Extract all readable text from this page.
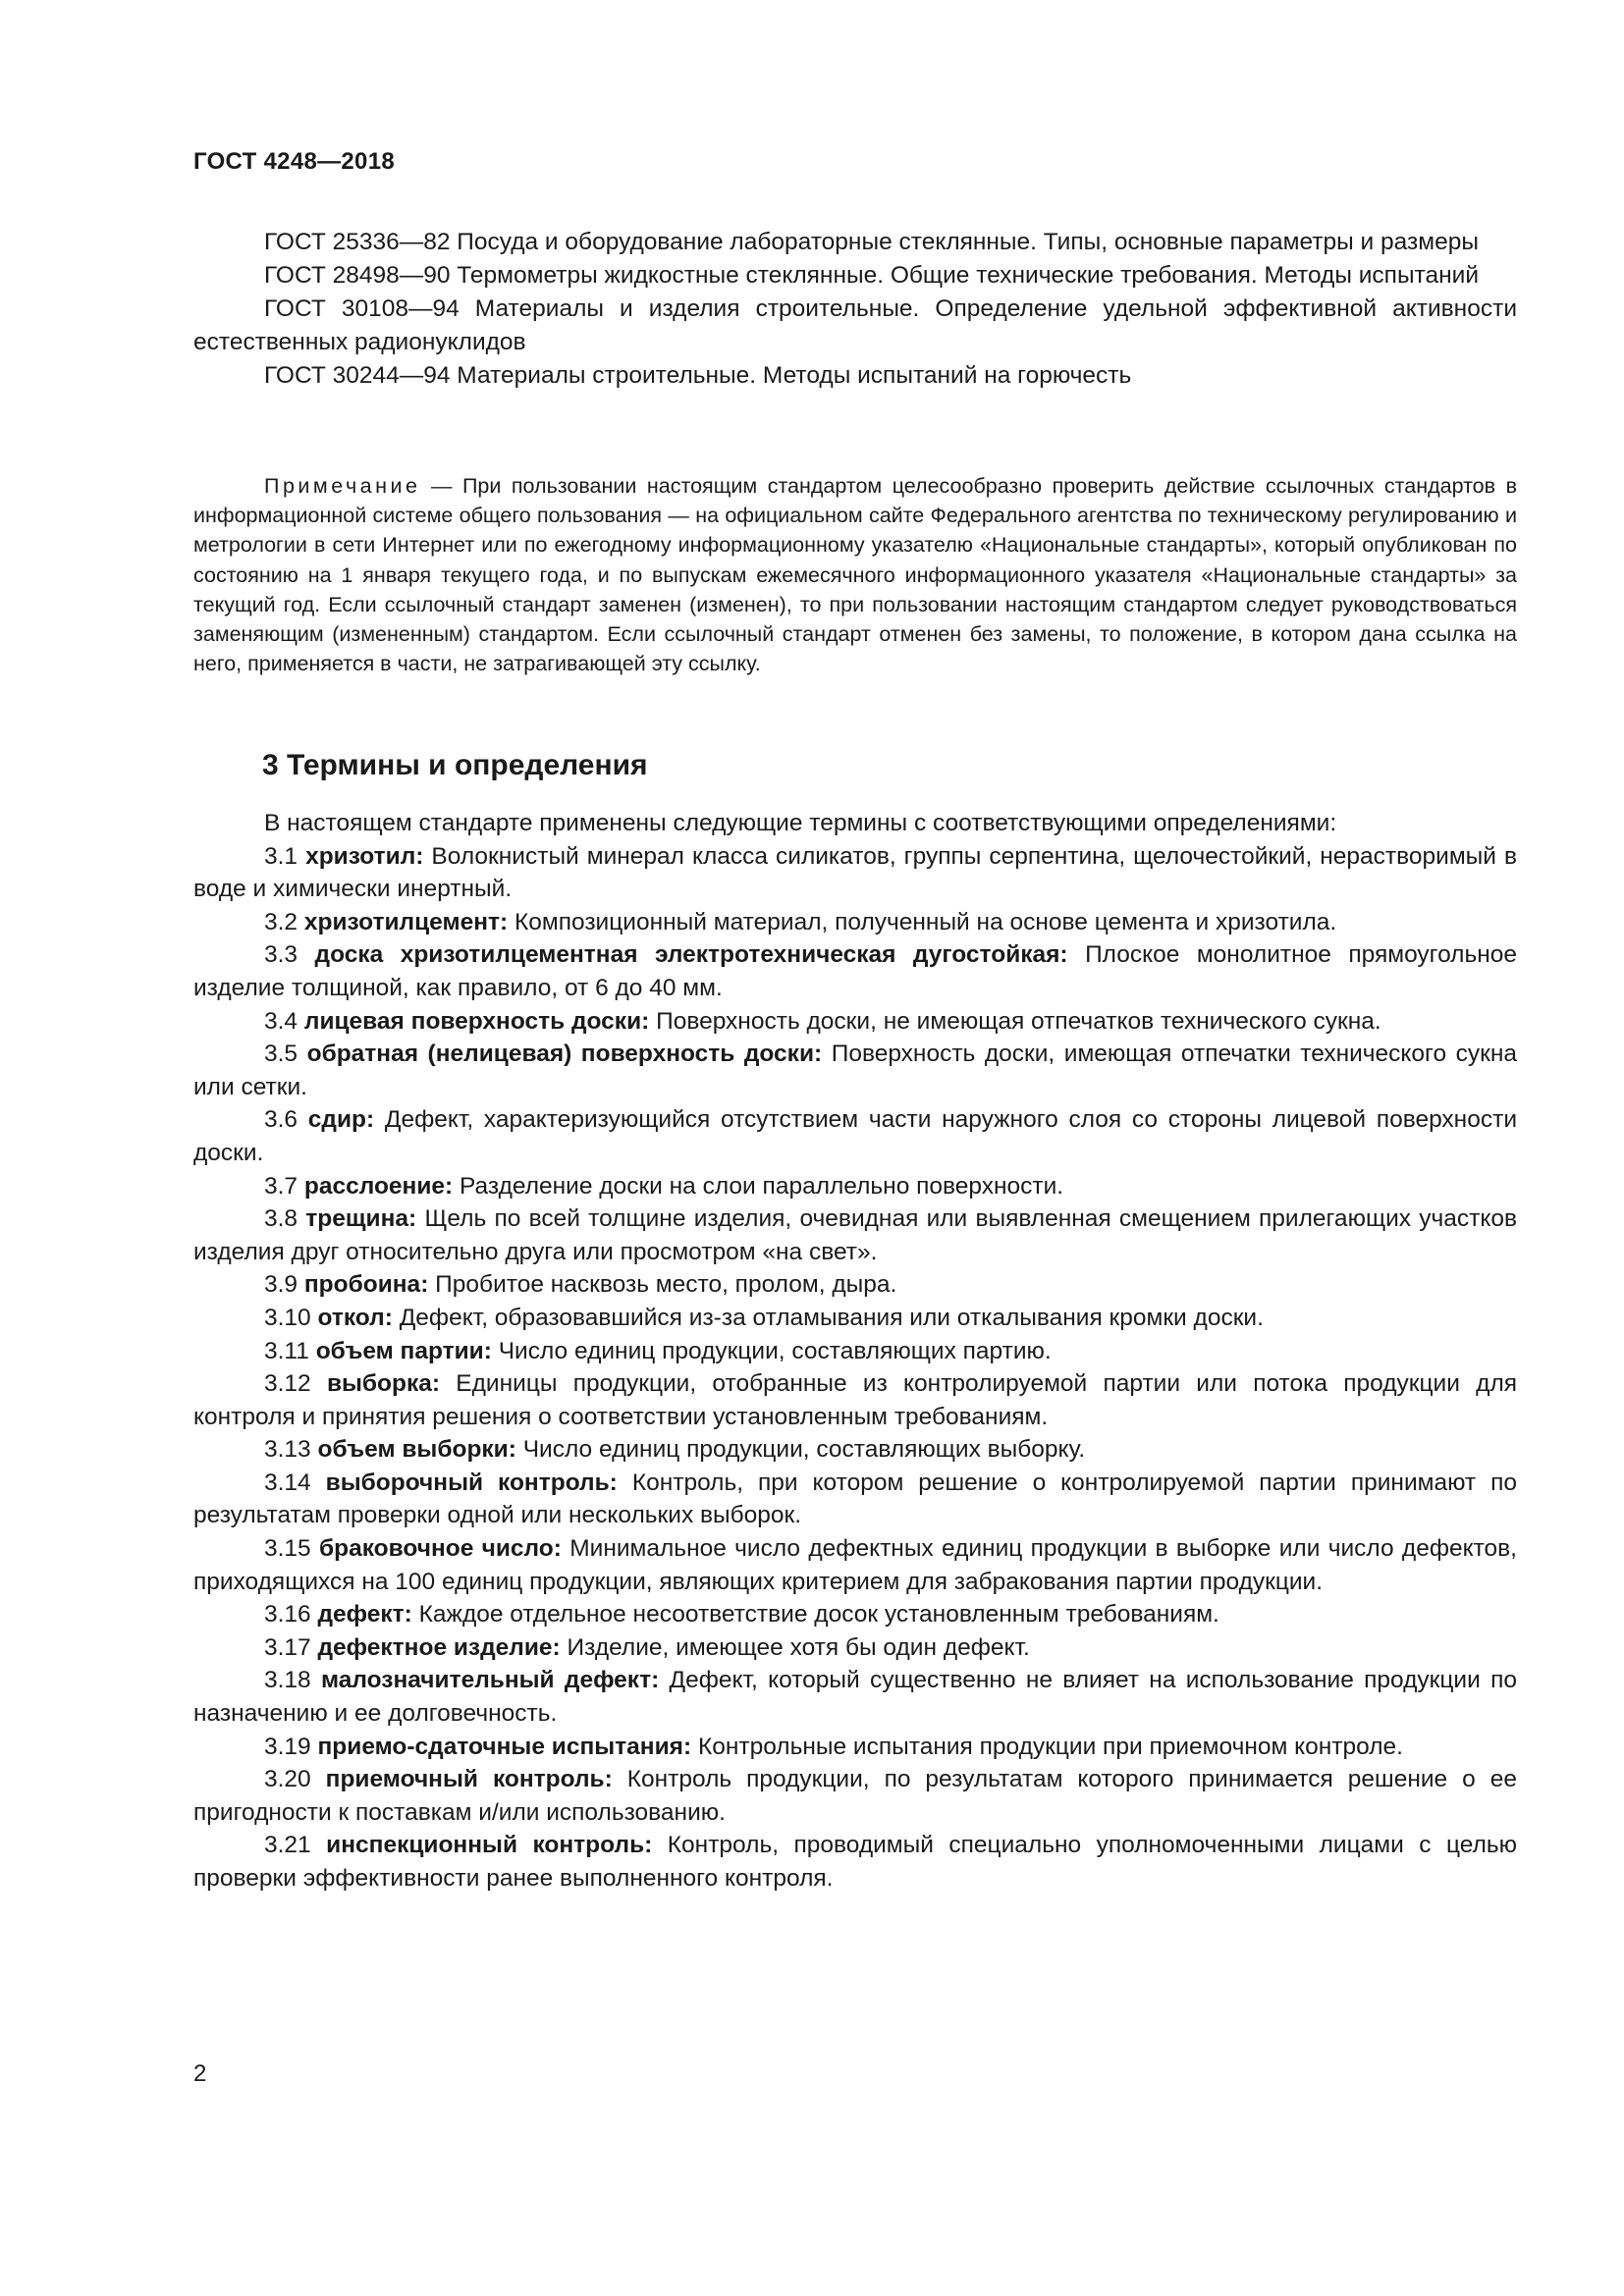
ГОСТ 4248—2018

ГОСТ 25336—82 Посуда и оборудование лабораторные стеклянные. Типы, основные параметры и размеры

ГОСТ 28498—90 Термометры жидкостные стеклянные. Общие технические требования. Методы испытаний

ГОСТ 30108—94 Материалы и изделия строительные. Определение удельной эффективной активности естественных радионуклидов

ГОСТ 30244—94 Материалы строительные. Методы испытаний на горючесть

Примечание — При пользовании настоящим стандартом целесообразно проверить действие ссылочных стандартов в информационной системе общего пользования — на официальном сайте Федерального агентства по техническому регулированию и метрологии в сети Интернет или по ежегодному информационному указателю «Национальные стандарты», который опубликован по состоянию на 1 января текущего года, и по выпускам ежемесячного информационного указателя «Национальные стандарты» за текущий год. Если ссылочный стандарт заменен (изменен), то при пользовании настоящим стандартом следует руководствоваться заменяющим (измененным) стандартом. Если ссылочный стандарт отменен без замены, то положение, в котором дана ссылка на него, применяется в части, не затрагивающей эту ссылку.
3 Термины и определения

В настоящем стандарте применены следующие термины с соответствующими определениями:

3.1 хризотил: Волокнистый минерал класса силикатов, группы серпентина, щелочестойкий, нерастворимый в воде и химически инертный.

3.2 хризотилцемент: Композиционный материал, полученный на основе цемента и хризотила.

3.3 доска хризотилцементная электротехническая дугостойкая: Плоское монолитное прямоугольное изделие толщиной, как правило, от 6 до 40 мм.

3.4 лицевая поверхность доски: Поверхность доски, не имеющая отпечатков технического сукна.

3.5 обратная (нелицевая) поверхность доски: Поверхность доски, имеющая отпечатки технического сукна или сетки.

3.6 сдир: Дефект, характеризующийся отсутствием части наружного слоя со стороны лицевой поверхности доски.

3.7 расслоение: Разделение доски на слои параллельно поверхности.

3.8 трещина: Щель по всей толщине изделия, очевидная или выявленная смещением прилегающих участков изделия друг относительно друга или просмотром «на свет».

3.9 пробоина: Пробитое насквозь место, пролом, дыра.

3.10 откол: Дефект, образовавшийся из-за отламывания или откалывания кромки доски.

3.11 объем партии: Число единиц продукции, составляющих партию.

3.12 выборка: Единицы продукции, отобранные из контролируемой партии или потока продукции для контроля и принятия решения о соответствии установленным требованиям.

3.13 объем выборки: Число единиц продукции, составляющих выборку.

3.14 выборочный контроль: Контроль, при котором решение о контролируемой партии принимают по результатам проверки одной или нескольких выборок.

3.15 браковочное число: Минимальное число дефектных единиц продукции в выборке или число дефектов, приходящихся на 100 единиц продукции, являющих критерием для забракования партии продукции.

3.16 дефект: Каждое отдельное несоответствие досок установленным требованиям.

3.17 дефектное изделие: Изделие, имеющее хотя бы один дефект.

3.18 малозначительный дефект: Дефект, который существенно не влияет на использование продукции по назначению и ее долговечность.

3.19 приемо-сдаточные испытания: Контрольные испытания продукции при приемочном контроле.

3.20 приемочный контроль: Контроль продукции, по результатам которого принимается решение о ее пригодности к поставкам и/или использованию.

3.21 инспекционный контроль: Контроль, проводимый специально уполномоченными лицами с целью проверки эффективности ранее выполненного контроля.

2
